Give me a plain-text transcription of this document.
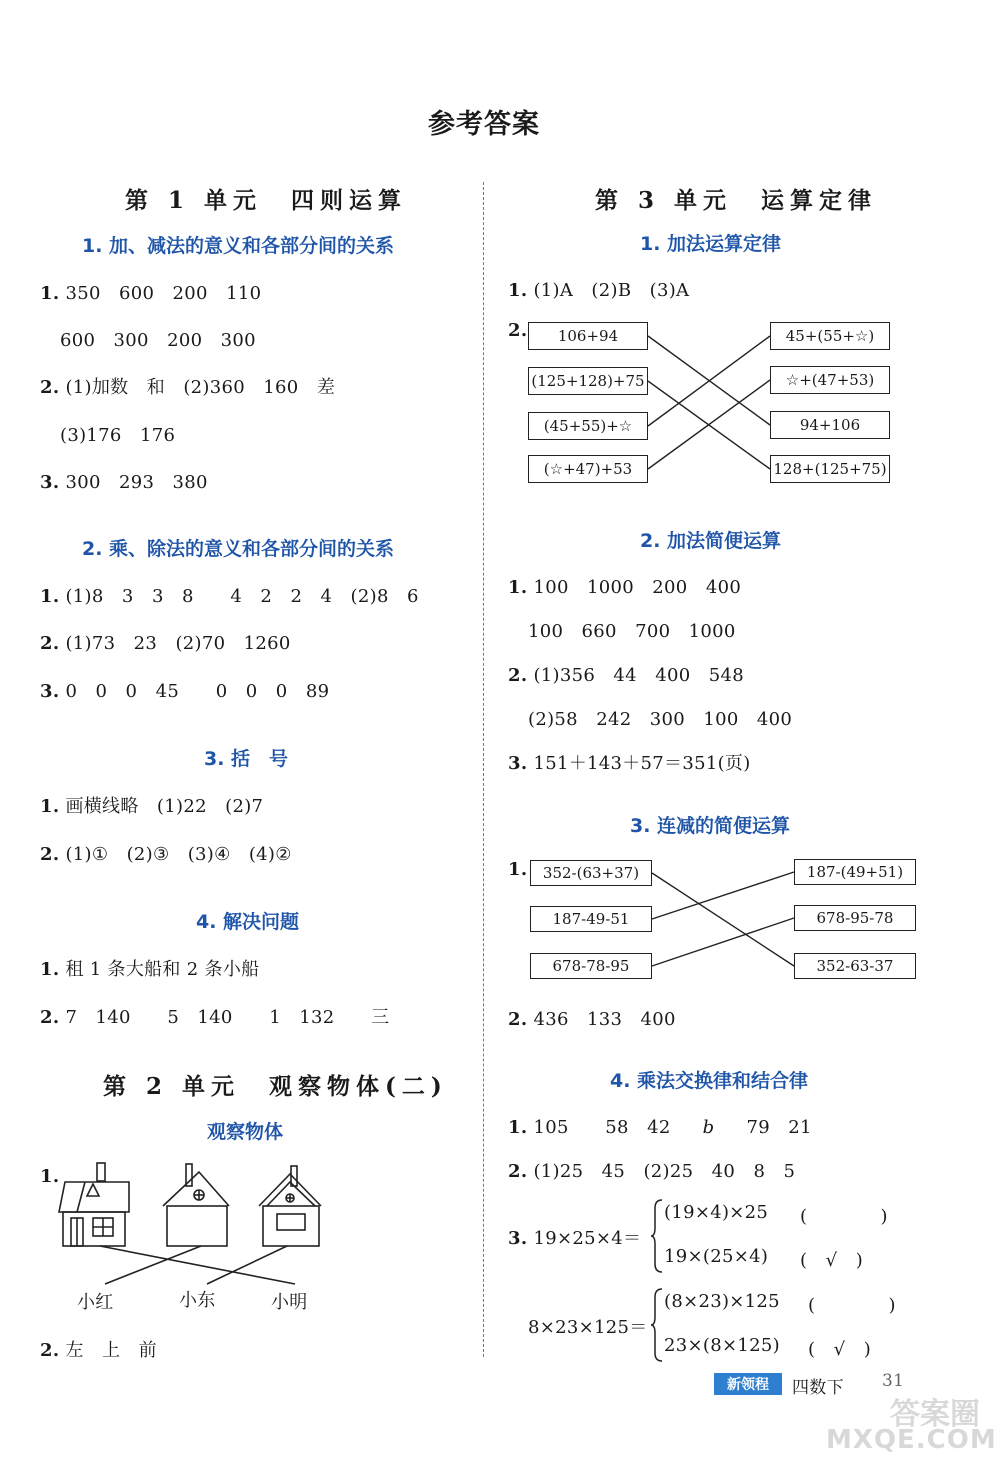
参考答案
第 1 单元　四则运算
1. 加、减法的意义和各部分间的关系
1. 350　600　200　110
600　300　200　300
2. (1)加数　和　(2)360　160　差
(3)176　176
3. 300　293　380
2. 乘、除法的意义和各部分间的关系
1. (1)8　3　3　8　　4　2　2　4　(2)8　6
2. (1)73　23　(2)70　1260
3. 0　0　0　45　　0　0　0　89
3. 括　号
1. 画横线略　(1)22　(2)7
2. (1)①　(2)③　(3)④　(4)②
4. 解决问题
1. 租 1 条大船和 2 条小船
2. 7　140　　5　140　　1　132　　三
第 2 单元　观察物体(二)
观察物体
1.
小红	小东	小明
2. 左　上　前
第 3 单元　运算定律
1. 加法运算定律
1. (1)A　(2)B　(3)A
2.	106+94
(125+128)+75
(45+55)+☆
(☆+47)+53
45+(55+☆)
☆+(47+53)
94+106
128+(125+75)
2. 加法简便运算
1. 100　1000　200　400
100　660　700　1000
2. (1)356　44　400　548
(2)58　242　300　100　400
3. 151＋143＋57＝351(页)
3. 连减的简便运算
1.	352-(63+37)
187-49-51
678-78-95
187-(49+51)
678-95-78
352-63-37
2. 436　133　400
4. 乘法交换律和结合律
1. 105　　58　42 b 79　21
2. (1)25　45　(2)25　40　8　5
3. 19×25×4＝
(19×4)×25 (　　　　)
19×(25×4) (　√　)
8×23×125＝
(8×23)×125 (　　　　)
23×(8×125) (　√　)
新领程	四数下 31
答案圈
MXQE.COM
